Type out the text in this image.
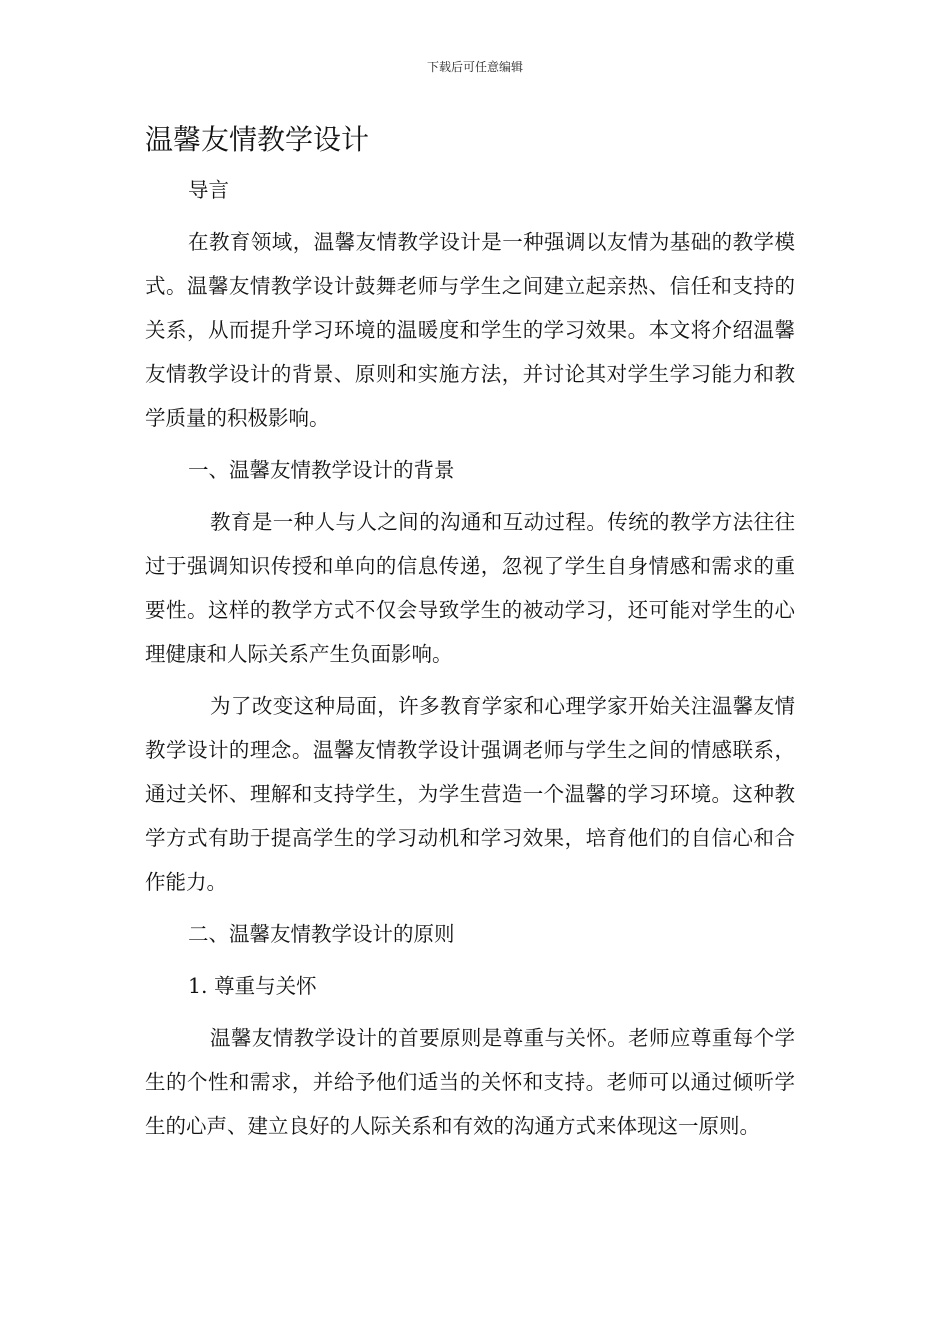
下载后可任意编辑
温馨友情教学设计

导言

在教育领域，温馨友情教学设计是一种强调以友情为基础的教学模式。温馨友情教学设计鼓舞老师与学生之间建立起亲热、信任和支持的关系，从而提升学习环境的温暖度和学生的学习效果。本文将介绍温馨友情教学设计的背景、原则和实施方法，并讨论其对学生学习能力和教学质量的积极影响。

一、温馨友情教学设计的背景

教育是一种人与人之间的沟通和互动过程。传统的教学方法往往过于强调知识传授和单向的信息传递，忽视了学生自身情感和需求的重要性。这样的教学方式不仅会导致学生的被动学习，还可能对学生的心理健康和人际关系产生负面影响。

为了改变这种局面，许多教育学家和心理学家开始关注温馨友情教学设计的理念。温馨友情教学设计强调老师与学生之间的情感联系，通过关怀、理解和支持学生，为学生营造一个温馨的学习环境。这种教学方式有助于提高学生的学习动机和学习效果，培育他们的自信心和合作能力。

二、温馨友情教学设计的原则

1. 尊重与关怀

温馨友情教学设计的首要原则是尊重与关怀。老师应尊重每个学生的个性和需求，并给予他们适当的关怀和支持。老师可以通过倾听学生的心声、建立良好的人际关系和有效的沟通方式来体现这一原则。
